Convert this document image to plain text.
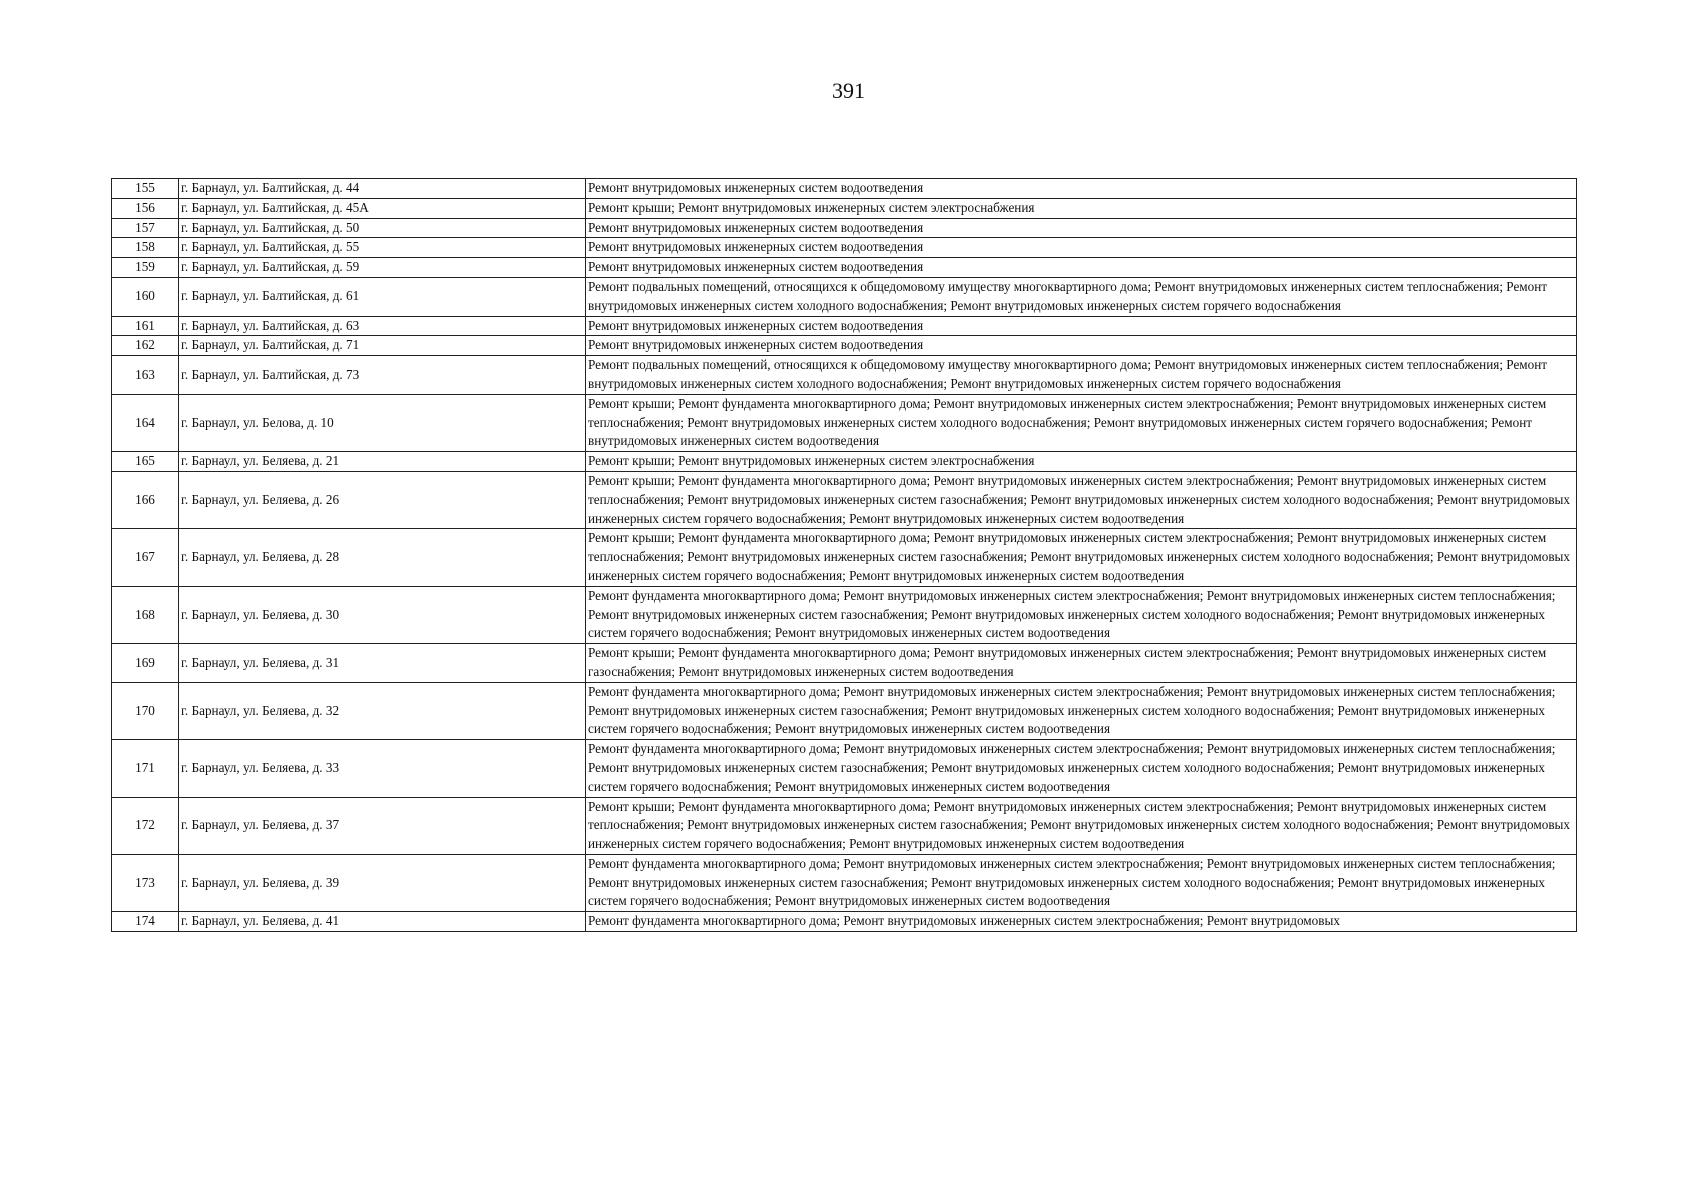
391
155	г. Барнаул, ул. Балтийская, д. 44	Ремонт внутридомовых инженерных систем водоотведения
156	г. Барнаул, ул. Балтийская, д. 45А	Ремонт крыши; Ремонт внутридомовых инженерных систем электроснабжения
157	г. Барнаул, ул. Балтийская, д. 50	Ремонт внутридомовых инженерных систем водоотведения
158	г. Барнаул, ул. Балтийская, д. 55	Ремонт внутридомовых инженерных систем водоотведения
159	г. Барнаул, ул. Балтийская, д. 59	Ремонт внутридомовых инженерных систем водоотведения
160	г. Барнаул, ул. Балтийская, д. 61	Ремонт подвальных помещений, относящихся к общедомовому имуществу многоквартирного дома; Ремонт внутридомовых инженерных систем теплоснабжения; Ремонт внутридомовых инженерных систем холодного водоснабжения; Ремонт внутридомовых инженерных систем горячего водоснабжения
161	г. Барнаул, ул. Балтийская, д. 63	Ремонт внутридомовых инженерных систем водоотведения
162	г. Барнаул, ул. Балтийская, д. 71	Ремонт внутридомовых инженерных систем водоотведения
163	г. Барнаул, ул. Балтийская, д. 73	Ремонт подвальных помещений, относящихся к общедомовому имуществу многоквартирного дома; Ремонт внутридомовых инженерных систем теплоснабжения; Ремонт внутридомовых инженерных систем холодного водоснабжения; Ремонт внутридомовых инженерных систем горячего водоснабжения
164	г. Барнаул, ул. Белова, д. 10	Ремонт крыши; Ремонт фундамента многоквартирного дома; Ремонт внутридомовых инженерных систем электроснабжения; Ремонт внутридомовых инженерных систем теплоснабжения; Ремонт внутридомовых инженерных систем холодного водоснабжения; Ремонт внутридомовых инженерных систем горячего водоснабжения; Ремонт внутридомовых инженерных систем водоотведения
165	г. Барнаул, ул. Беляева, д. 21	Ремонт крыши; Ремонт внутридомовых инженерных систем электроснабжения
166	г. Барнаул, ул. Беляева, д. 26	Ремонт крыши; Ремонт фундамента многоквартирного дома; Ремонт внутридомовых инженерных систем электроснабжения; Ремонт внутридомовых инженерных систем теплоснабжения; Ремонт внутридомовых инженерных систем газоснабжения; Ремонт внутридомовых инженерных систем холодного водоснабжения; Ремонт внутридомовых инженерных систем горячего водоснабжения; Ремонт внутридомовых инженерных систем водоотведения
167	г. Барнаул, ул. Беляева, д. 28	Ремонт крыши; Ремонт фундамента многоквартирного дома; Ремонт внутридомовых инженерных систем электроснабжения; Ремонт внутридомовых инженерных систем теплоснабжения; Ремонт внутридомовых инженерных систем газоснабжения; Ремонт внутридомовых инженерных систем холодного водоснабжения; Ремонт внутридомовых инженерных систем горячего водоснабжения; Ремонт внутридомовых инженерных систем водоотведения
168	г. Барнаул, ул. Беляева, д. 30	Ремонт фундамента многоквартирного дома; Ремонт внутридомовых инженерных систем электроснабжения; Ремонт внутридомовых инженерных систем теплоснабжения; Ремонт внутридомовых инженерных систем газоснабжения; Ремонт внутридомовых инженерных систем холодного водоснабжения; Ремонт внутридомовых инженерных систем горячего водоснабжения; Ремонт внутридомовых инженерных систем водоотведения
169	г. Барнаул, ул. Беляева, д. 31	Ремонт крыши; Ремонт фундамента многоквартирного дома; Ремонт внутридомовых инженерных систем электроснабжения; Ремонт внутридомовых инженерных систем газоснабжения; Ремонт внутридомовых инженерных систем водоотведения
170	г. Барнаул, ул. Беляева, д. 32	Ремонт фундамента многоквартирного дома; Ремонт внутридомовых инженерных систем электроснабжения; Ремонт внутридомовых инженерных систем теплоснабжения; Ремонт внутридомовых инженерных систем газоснабжения; Ремонт внутридомовых инженерных систем холодного водоснабжения; Ремонт внутридомовых инженерных систем горячего водоснабжения; Ремонт внутридомовых инженерных систем водоотведения
171	г. Барнаул, ул. Беляева, д. 33	Ремонт фундамента многоквартирного дома; Ремонт внутридомовых инженерных систем электроснабжения; Ремонт внутридомовых инженерных систем теплоснабжения; Ремонт внутридомовых инженерных систем газоснабжения; Ремонт внутридомовых инженерных систем холодного водоснабжения; Ремонт внутридомовых инженерных систем горячего водоснабжения; Ремонт внутридомовых инженерных систем водоотведения
172	г. Барнаул, ул. Беляева, д. 37	Ремонт крыши; Ремонт фундамента многоквартирного дома; Ремонт внутридомовых инженерных систем электроснабжения; Ремонт внутридомовых инженерных систем теплоснабжения; Ремонт внутридомовых инженерных систем газоснабжения; Ремонт внутридомовых инженерных систем холодного водоснабжения; Ремонт внутридомовых инженерных систем горячего водоснабжения; Ремонт внутридомовых инженерных систем водоотведения
173	г. Барнаул, ул. Беляева, д. 39	Ремонт фундамента многоквартирного дома; Ремонт внутридомовых инженерных систем электроснабжения; Ремонт внутридомовых инженерных систем теплоснабжения; Ремонт внутридомовых инженерных систем газоснабжения; Ремонт внутридомовых инженерных систем холодного водоснабжения; Ремонт внутридомовых инженерных систем горячего водоснабжения; Ремонт внутридомовых инженерных систем водоотведения
174	г. Барнаул, ул. Беляева, д. 41	Ремонт фундамента многоквартирного дома; Ремонт внутридомовых инженерных систем электроснабжения; Ремонт внутридомовых
